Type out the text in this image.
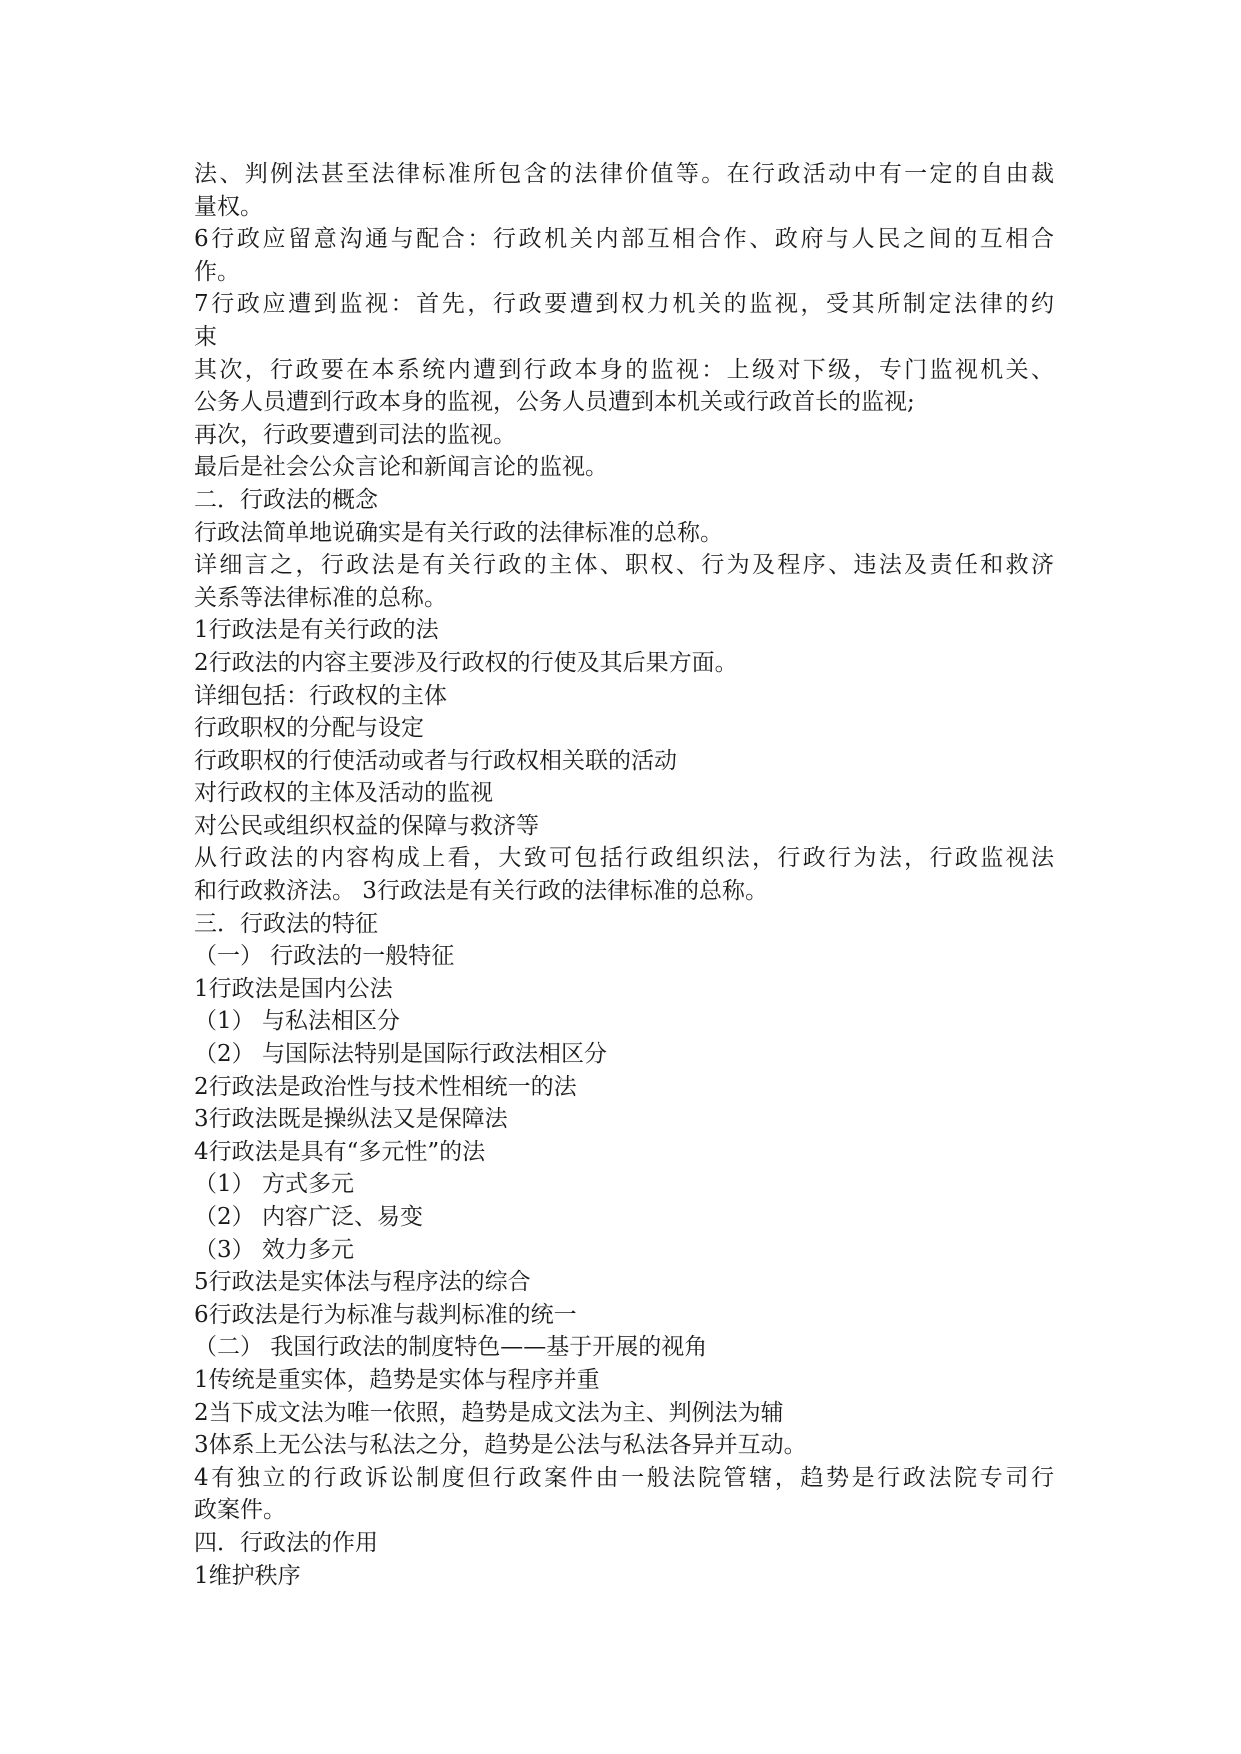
法、判例法甚至法律标准所包含的法律价值等。在行政活动中有一定的自由裁
量权。
6行政应留意沟通与配合：行政机关内部互相合作、政府与人民之间的互相合
作。
7行政应遭到监视：首先，行政要遭到权力机关的监视，受其所制定法律的约
束
其次，行政要在本系统内遭到行政本身的监视：上级对下级，专门监视机关、
公务人员遭到行政本身的监视，公务人员遭到本机关或行政首长的监视;
再次，行政要遭到司法的监视。
最后是社会公众言论和新闻言论的监视。
二．行政法的概念
行政法简单地说确实是有关行政的法律标准的总称。
详细言之，行政法是有关行政的主体、职权、行为及程序、违法及责任和救济
关系等法律标准的总称。
1行政法是有关行政的法
2行政法的内容主要涉及行政权的行使及其后果方面。
详细包括：行政权的主体
行政职权的分配与设定
行政职权的行使活动或者与行政权相关联的活动
对行政权的主体及活动的监视
对公民或组织权益的保障与救济等
从行政法的内容构成上看，大致可包括行政组织法，行政行为法，行政监视法
和行政救济法。 3行政法是有关行政的法律标准的总称。
三．行政法的特征
（一） 行政法的一般特征
1行政法是国内公法
（1） 与私法相区分
（2） 与国际法特别是国际行政法相区分
2行政法是政治性与技术性相统一的法
3行政法既是操纵法又是保障法
4行政法是具有“多元性”的法
（1） 方式多元
（2） 内容广泛、易变
（3） 效力多元
5行政法是实体法与程序法的综合
6行政法是行为标准与裁判标准的统一
（二） 我国行政法的制度特色——基于开展的视角
1传统是重实体，趋势是实体与程序并重
2当下成文法为唯一依照，趋势是成文法为主、判例法为辅
3体系上无公法与私法之分，趋势是公法与私法各异并互动。
4有独立的行政诉讼制度但行政案件由一般法院管辖，趋势是行政法院专司行
政案件。
四．行政法的作用
1维护秩序
